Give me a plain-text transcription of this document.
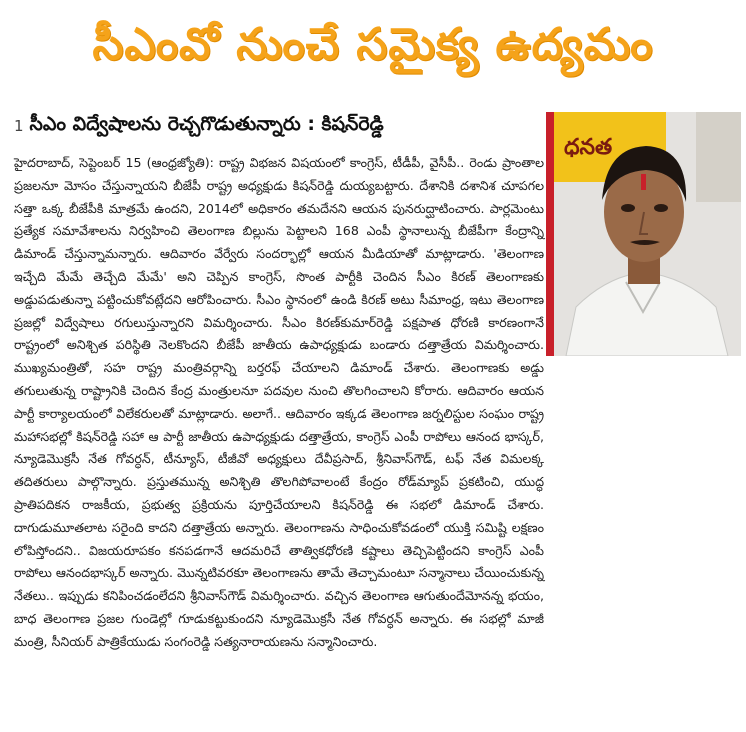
సీఎంవో నుంచే సమైక్య ఉద్యమం
1 సీఎం విద్వేషాలను రెచ్చగొడుతున్నారు : కిషన్‌రెడ్డి

హైదరాబాద్‌, సెప్టెంబర్‌ 15 (ఆంధ్రజ్యోతి): రాష్ట్ర విభజన విషయంలో కాంగ్రెస్‌, టీడీపీ, వైసీపీ.. రెండు ప్రాంతాల ప్రజలనూ మోసం చేస్తున్నాయని బీజేపీ రాష్ట్ర అధ్యక్షుడు కిషన్‌రెడ్డి దుయ్యబట్టారు. దేశానికి దశానిశ చూపగల సత్తా ఒక్క బీజేపీకి మాత్రమే ఉందని, 2014లో అధికారం తమదేనని ఆయన పునరుద్ఘాటించారు. పార్లమెంటు ప్రత్యేక సమావేశాలను నిర్వహించి తెలంగాణ బిల్లును పెట్టాలని 168 ఎంపీ స్థానాలున్న బీజేపీగా కేంద్రాన్ని డిమాండ్‌ చేస్తున్నామన్నారు. ఆదివారం వేర్వేరు సందర్భాల్లో ఆయన మీడియాతో మాట్లాడారు. 'తెలంగాణ ఇచ్చేది మేమే తెచ్చేది మేమే' అని చెప్పిన కాంగ్రెస్‌, సొంత పార్టీకి చెందిన సీఎం కిరణ్‌ తెలంగాణకు అడ్డుపడుతున్నా పట్టించుకోవట్లేదని ఆరోపించారు. సీఎం స్థానంలో ఉండి కిరణ్‌ అటు సీమాంధ్ర, ఇటు తెలంగాణ ప్రజల్లో విద్వేషాలు రగులుస్తున్నారని విమర్శించారు. సీఎం కిరణ్‌కుమార్‌రెడ్డి పక్షపాత ధోరణి కారణంగానే రాష్ట్రంలో అనిశ్చిత పరిస్థితి నెలకొందని బీజేపీ జాతీయ ఉపాధ్యక్షుడు బండారు దత్తాత్రేయ విమర్శించారు. ముఖ్యమంత్రితో, సహ రాష్ట్ర మంత్రివర్గాన్ని బర్తరఫ్‌ చేయాలని డిమాండ్‌ చేశారు. తెలంగాణకు అడ్డు తగులుతున్న రాష్ట్రానికి చెందిన కేంద్ర మంత్రులనూ పదవుల నుంచి తొలగించాలని కోరారు. ఆదివారం ఆయన పార్టీ కార్యాలయంలో విలేకరులతో మాట్లాడారు. అలాగే.. ఆదివారం ఇక్కడ తెలంగాణ జర్నలిస్టుల సంఘం రాష్ట్ర మహాసభల్లో కిషన్‌రెడ్డి సహా ఆ పార్టీ జాతీయ ఉపాధ్యక్షుడు దత్తాత్రేయ, కాంగ్రెస్‌ ఎంపీ రాపోలు ఆనంద భాస్కర్‌, న్యూడెమొక్రసీ నేత గోవర్ధన్‌, టీన్యూస్‌, టీజీవో అధ్యక్షులు దేవీప్రసాద్‌, శ్రీనివాస్‌గౌడ్‌, టఫ్‌ నేత విమలక్క తదితరులు పాల్గొన్నారు. ప్రస్తుతమున్న అనిశ్చితి తొలగిపోవాలంటే కేంద్రం రోడ్‌మ్యాప్‌ ప్రకటించి, యుద్ధ ప్రాతిపదికన రాజకీయ, ప్రభుత్వ ప్రక్రియను పూర్తిచేయాలని కిషన్‌రెడ్డి ఈ సభలో డిమాండ్‌ చేశారు. దాగుడుమూతలాట సరైంది కాదని దత్తాత్రేయ అన్నారు. తెలంగాణను సాధించుకోవడంలో యుక్తి సమిష్టి లక్షణం లోపిస్తోందని.. విజయరూపకం కనపడగానే ఆదమరిచే తాత్వికధోరణి కష్టాలు తెచ్చిపెట్టిందని కాంగ్రెస్‌ ఎంపీ రాపోలు ఆనందభాస్కర్‌ అన్నారు. మొన్నటివరకూ తెలంగాణను తామే తెచ్చామంటూ సన్మానాలు చేయించుకున్న నేతలు.. ఇప్పుడు కనిపించడంలేదని శ్రీనివాస్‌గౌడ్‌ విమర్శించారు. వచ్చిన తెలంగాణ ఆగుతుందేమోనన్న భయం, బాధ తెలంగాణ ప్రజల గుండెల్లో గూడుకట్టుకుందని న్యూడెమొక్రసీ నేత గోవర్ధన్‌ అన్నారు. ఈ సభల్లో మాజీ మంత్రి, సీనియర్‌ పాత్రికేయుడు సంగంరెడ్డి సత్యనారాయణను సన్మానించారు.

ధనత
